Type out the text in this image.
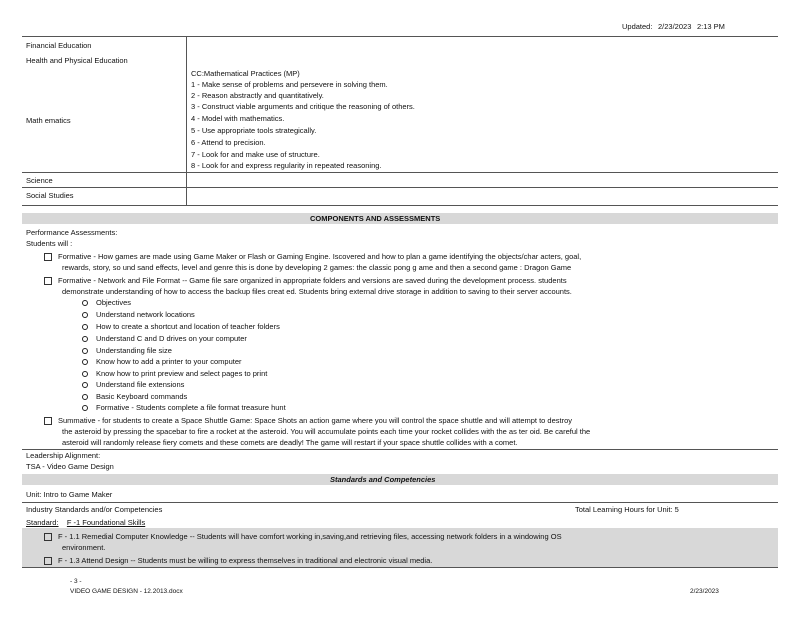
Updated: 2/23/2023 2:13 PM
Financial Education
Health and Physical Education
Math ematics
CC:Mathematical Practices (MP)
1 - Make sense of problems and persevere in solving them.
2 - Reason abstractly and quantitatively.
3 - Construct viable arguments and critique the reasoning of others.
4 - Model with mathematics.
5 - Use appropriate tools strategically.
6 - Attend to precision.
7 - Look for and make use of structure.
8 - Look for and express regularity in repeated reasoning.
Science
Social Studies
COMPONENTS AND ASSESSMENTS
Performance Assessments:
Students will :
Formative - How games are made using Game Maker or Flash or Gaming Engine. Iscovered and how to plan a game identifying the objects/char acters, goal,
rewards, story, so und sand effects, level and genre this is done by developing 2 games: the classic pong g ame and then a second game : Dragon Game
Formative - Network and File Format -- Game file sare organized in appropriate folders and versions are saved during the development process. students
demonstrate understanding of how to access the backup files creat ed. Students bring external drive storage in addition to saving to their server accounts.
Objectives
Understand network locations
How to create a shortcut and location of teacher folders
Understand C and D drives on your computer
Understanding file size
Know how to add a printer to your computer
Know how to print preview and select pages to print
Understand file extensions
Basic Keyboard commands
Formative - Students complete a file format treasure hunt
Summative - for students to create a Space Shuttle Game: Space Shots an action game where you will control the space shuttle and will attempt to destroy
the asteroid by pressing the spacebar to fire a rocket at the asteroid. You will accumulate points each time your rocket collides with the as ter oid. Be careful the
asteroid will randomly release fiery comets and these comets are deadly! The game will restart if your space shuttle collides with a comet.
Leadership Alignment:
TSA - Video Game Design
Standards and Competencies
Unit: Intro to Game Maker
Industry Standards and/or Competencies	Total Learning Hours for Unit: 5
Standard: F -1 Foundational Skills
F - 1.1 Remedial Computer Knowledge -- Students will have comfort working in,saving,and retrieving files, accessing network folders in a windowing OS
environment.
F - 1.3 Attend Design -- Students must be willing to express themselves in traditional and electronic visual media.
- 3 -
VIDEO GAME DESIGN - 12.2013.docx	2/23/2023
